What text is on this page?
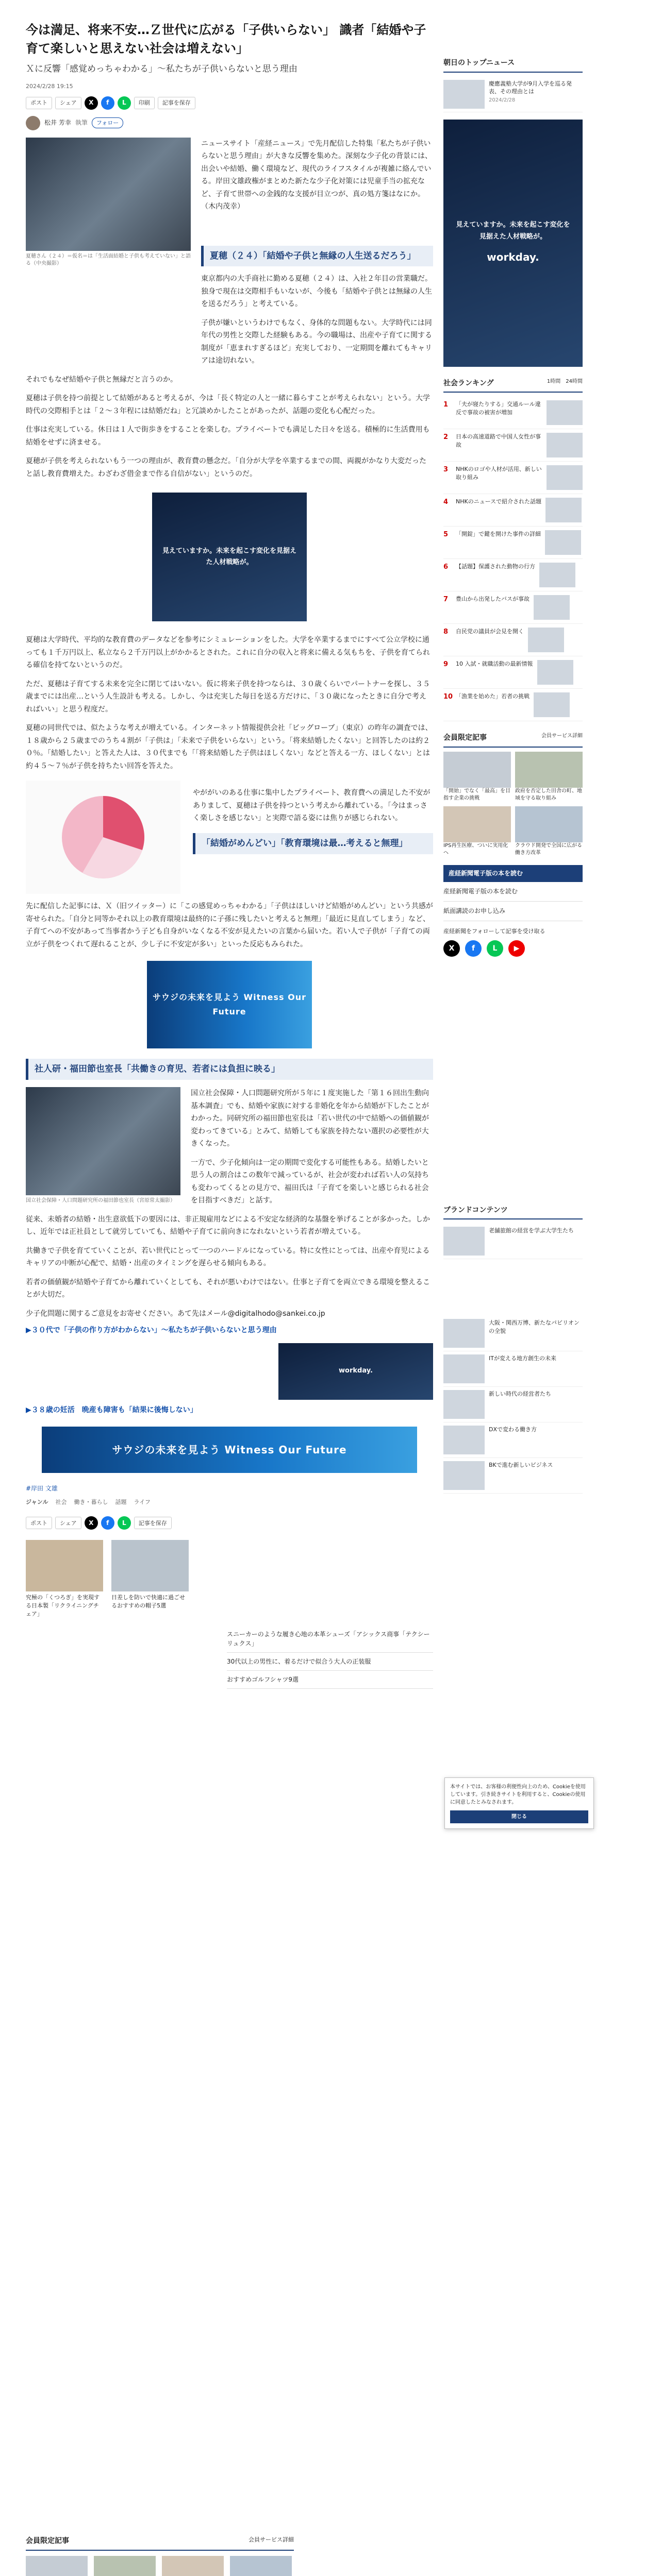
今は満足、将来不安…Ｚ世代に広がる「子供いらない」 識者「結婚や子育て楽しいと思えない社会は増えない」
Ｘに反響「感覚めっちゃわかる」〜私たちが子供いらないと思う理由
2024/2/28 19:15
ポスト	シェア	X	f	L	印刷	記事を保存
松井 芳幸 執筆	フォロー
夏穂さん（２４）＝仮名＝は「生活面結婚と子供も考えていない」と語る（中央撮影）
ニュースサイト「産経ニュース」で先月配信した特集「私たちが子供いらないと思う理由」が大きな反響を集めた。深刻な少子化の背景には、出会いや結婚、働く環境など、現代のライフスタイルが複雑に絡んでいる。岸田文雄政権がまとめた新たな少子化対策には児童手当の拡充など、子育て世帯への金銭的な支援が目立つが、真の処方箋はなにか。（木内茂幸）
夏穂（２４）「結婚や子供と無縁の人生送るだろう」

東京都内の大手商社に勤める夏穂（２４）は、入社２年目の営業職だ。独身で現在は交際相手もいないが、今後も「結婚や子供とは無縁の人生を送るだろう」と考えている。

子供が嫌いというわけでもなく、身体的な問題もない。大学時代には同年代の男性と交際した経験もある。今の職場は、出産や子育てに関する制度が「恵まれすぎるほど」充実しており、一定期間を離れてもキャリアは途切れない。

それでもなぜ結婚や子供と無縁だと言うのか。

夏穂は子供を持つ前提として結婚があると考えるが、今は「長く特定の人と一緒に暮らすことが考えられない」という。大学時代の交際相手とは「２〜３年程には結婚だね」と冗談めかしたことがあったが、話題の変化も心配だった。

仕事は充実している。休日は１人で街歩きをすることを楽しむ。プライベートでも満足した日々を送る。積極的に生活費用も結婚をせずに済ませる。

夏穂が子供を考えられないもう一つの理由が、教育費の懸念だ。「自分が大学を卒業するまでの間、両親がかなり大変だったと話し教育費増えた。わざわざ借金まで作る自信がない」というのだ。

見えていますか。未来を起こす変化を見据えた人材戦略が。

夏穂は大学時代、平均的な教育費のデータなどを参考にシミュレーションをした。大学を卒業するまでにすべて公立学校に通っても１千万円以上、私立なら２千万円以上がかかるとされた。これに自分の収入と将来に備える気もちを、子供を育てられる確信を持てないというのだ。

ただ、夏穂は子育てする未来を完全に閉じてはいない。仮に将来子供を持つならは、３０歳くらいでパートナーを探し、３５歳までには出産…という人生設計も考える。しかし、今は充実した毎日を送る方だけに、「３０歳になったときに自分で考えればいい」と思う程度だ。

夏穂の同世代では、似たような考えが増えている。インターネット情報提供会社「ビッグローブ」（東京）の昨年の調査では、１８歳から２５歳までのうち４割が「子供は」「未来で子供をいらない」という。「将来結婚したくない」と回答したのは約２０％。「結婚したい」と答えた人は、３０代までも「「将来結婚した子供はほしくない」などと答える一方、ほしくない」とは約４５〜７％が子供を持ちたい回答を答えた。

やががいのある仕事に集中したプライベート、教育費への満足した不安がありまして、夏穂は子供を持つという考えから離れている。「今はまっさく楽しさを感じない」と実際で語る姿には焦りが感じられない。

「結婚がめんどい」「教育環境は最…考えると無理」

先に配信した記事には、Ｘ（旧ツイッター）に「この感覚めっちゃわかる」「子供はほしいけど結婚がめんどい」という共感が寄せられた。「自分と同等かそれ以上の教育環境は最終的に子孫に残したいと考えると無理」「最近に見直してしまう」など、子育てへの不安があって当事者かう子ども自身がいなくなる不安が見えたいの言葉から届いた。若い人で子供が「子育ての両立が子供をつくれて遅れることが、少し子に不安定が多い」といった反応もみられた。

サウジの未来を見よう Witness Our Future
社人研・福田節也室長「共働きの育児、若者には負担に映る」
国立社会保障・人口問題研究所の福田節也室長（宮原常太撮影）

国立社会保障・人口問題研究所が５年に１度実施した「第１６回出生動向基本調査」でも、結婚や家族に対する非婚化を年から結婚が下したことがわかった。同研究所の福田節也室長は「若い世代の中で結婚への価値観が変わってきている」とみて、結婚しても家族を持たない選択の必要性が大きくなった。

一方で、少子化傾向は一定の期間で変化する可能性もある。結婚したいと思う人の割合はこの数年で減っているが、社会が変われば若い人の気持ちも変わってくるとの見方で、福田氏は「子育てを楽しいと感じられる社会を目指すべきだ」と話す。

従来、未婚者の結婚・出生意欲低下の要因には、非正規雇用などによる不安定な経済的な基盤を挙げることが多かった。しかし、近年では正社員として就労していても、結婚や子育てに前向きになれないという若者が増えている。

共働きで子供を育てていくことが、若い世代にとって一つのハードルになっている。特に女性にとっては、出産や育児によるキャリアの中断が心配で、結婚・出産のタイミングを遅らせる傾向もある。

若者の価値観が結婚や子育てから離れていくとしても、それが悪いわけではない。仕事と子育てを両立できる環境を整えることが大切だ。

少子化問題に関するご意見をお寄せください。あて先はメール@digitalhodo@sankei.co.jp

▶３０代で「子供の作り方がわからない」〜私たちが子供いらないと思う理由
workday.
▶３８歳の妊活　晩産も障害も「結果に後悔しない」
サウジの未来を見よう Witness Our Future
#岸田 文雄
ジャンル 社会 働き・暮らし 話題 ライフ
ポスト	シェア	X	f	L	記事を保存
究極の「くつろぎ」を実現する日本製「リクライニングチェア」
日差しを防いで快適に過ごせるおすすめの帽子5選
スニーカーのような履き心地の本革シューズ「アシックス商事「テクシーリュクス」
30代以上の男性に、着るだけで似合う大人の正装服
おすすめゴルフシャツ9選
朝日のトップニュース
慶應義塾大学が9月入学を巡る発表、その理由とは
2024/2/28
見えていますか。未来を起こす変化を見据えた人材戦略が。
workday.
社会ランキング	1時間　24時間
1	「夫が寝たりする」交通ルール違反で事故の被害が増加
2	日本の高速道路で中国人女性が事故
3	NHKのロゴや人材が活用、新しい取り組み
4	NHKのニュースで紹介された話題
5	「開錠」で鍵を開けた事件の詳細
6	【話題】保護された動物の行方
7	豊山から出発したバスが事故
8	自民党の議員が会見を開く
9	10 入試・就職活動の最新情報
10 「漁業を始めた」若者の挑戦
会員限定記事	会員サービス詳細
「開始」でなく「最高」を目指す企業の挑戦
政府を否定した田舎の町、地域を守る取り組み
IPS再生医療、ついに実用化へ
クラウド開発で全国に広がる働き方改革
産経新聞電子版の本を読む
産経新聞電子版の本を読む
紙面講読のお申し込み
産経新聞をフォローして記事を受け取る
X	f	L	▶
ブランドコンテンツ
老舗旅館の経営を学ぶ大学生たち
大阪・関西万博、新たなパビリオンの全貌
ITが変える地方創生の未来
新しい時代の経営者たち
DXで変わる働き方
BKで進む新しいビジネス
本サイトでは、お客様の利便性向上のため、Cookieを使用しています。引き続きサイトを利用すると、Cookieの使用に同意したとみなされます。
閉じる
会員限定記事	会員サービス詳細
